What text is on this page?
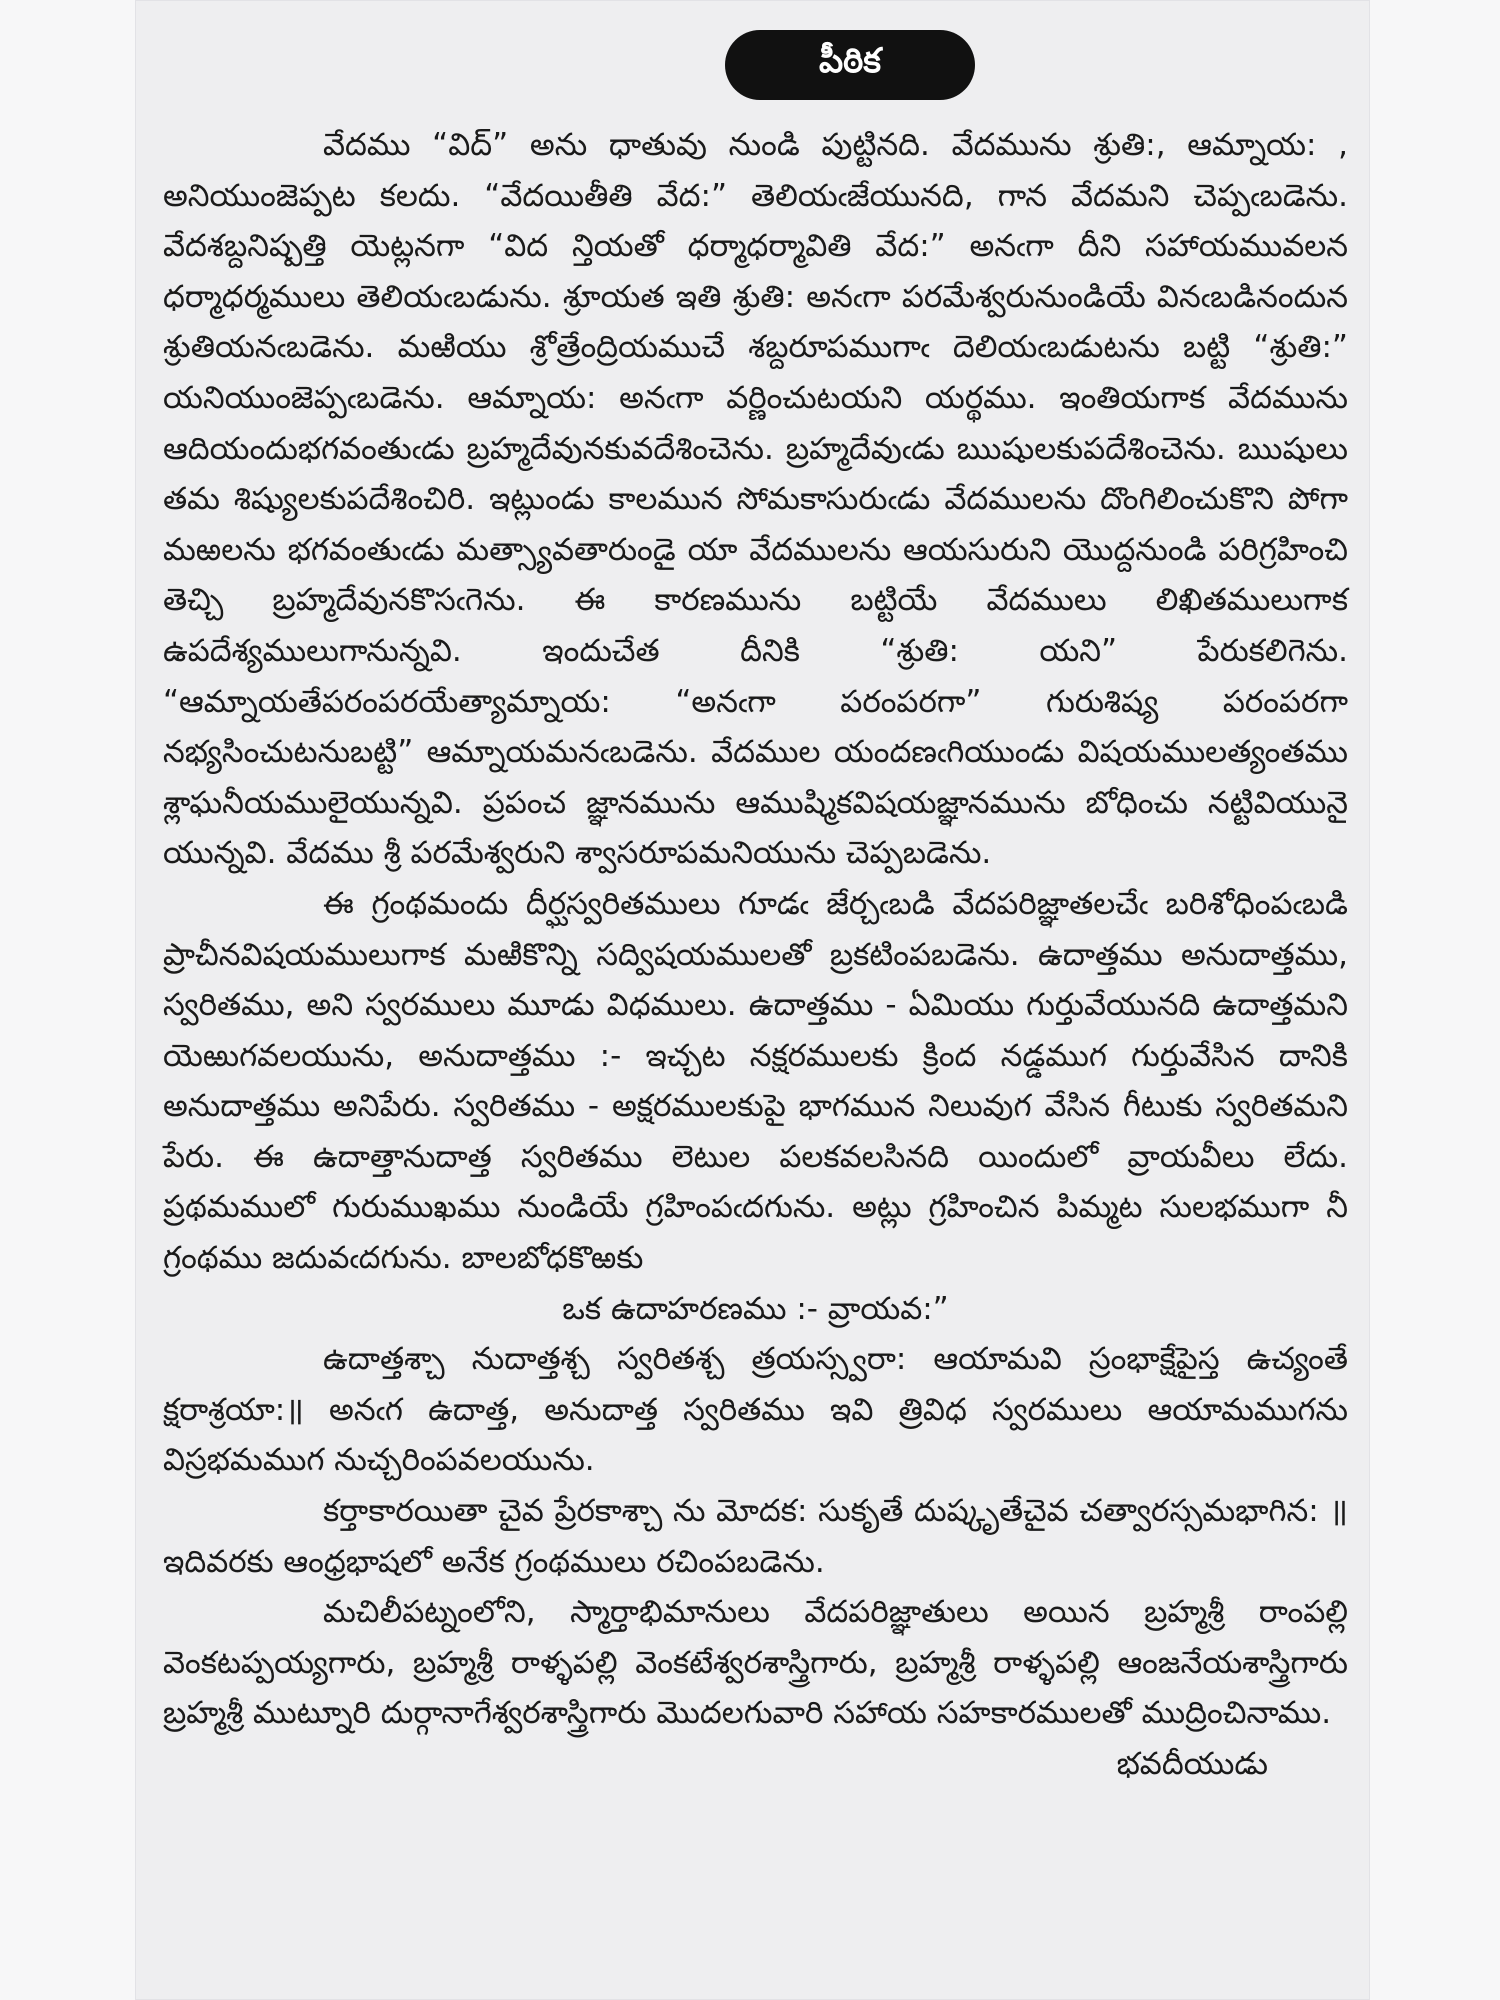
పీఠిక

వేదము “విద్” అను ధాతువు నుండి పుట్టినది. వేదమును శ్రుతి:, ఆమ్నాయ: , అనియుంజెప్పట కలదు. “వేదయితీతి వేద:” తెలియఁజేయునది, గాన వేదమని చెప్పఁబడెను. వేదశబ్దనిష్పత్తి యెట్లనగా “విద న్తియతో ధర్మాధర్మావితి వేద:” అనఁగా దీని సహాయమువలన ధర్మాధర్మములు తెలియఁబడును. శ్రూయత ఇతి శ్రుతి: అనఁగా పరమేశ్వరునుండియే వినఁబడినందున శ్రుతియనఁబడెను. మఱియు శ్రోత్రేంద్రియముచే శబ్దరూపముగాఁ దెలియఁబడుటను బట్టి “శ్రుతి:” యనియుంజెప్పఁబడెను. ఆమ్నాయ: అనఁగా వర్ణించుటయని యర్థము. ఇంతియగాక వేదమును ఆదియందుభగవంతుఁడు బ్రహ్మదేవునకువదేశించెను. బ్రహ్మదేవుఁడు ఋషులకుపదేశించెను. ఋషులు తమ శిష్యులకుపదేశించిరి. ఇట్లుండు కాలమున సోమకాసురుఁడు వేదములను దొంగిలించుకొని పోగా మఱలను భగవంతుఁడు మత్స్యావతారుండై యా వేదములను ఆయసురుని యొద్దనుండి పరిగ్రహించి తెచ్చి బ్రహ్మదేవునకొసఁగెను. ఈ కారణమును బట్టియే వేదములు లిఖితములుగాక ఉపదేశ్యములుగానున్నవి. ఇందుచేత దీనికి “శ్రుతి: యని” పేరుకలిగెను. “ఆమ్నాయతేపరంపరయేత్యామ్నాయ: “అనఁగా పరంపరగా” గురుశిష్య పరంపరగా నభ్యసించుటనుబట్టి” ఆమ్నాయమనఁబడెను. వేదముల యందణఁగియుండు విషయములత్యంతము శ్లాఘనీయములైయున్నవి. ప్రపంచ జ్ఞానమును ఆముష్మికవిషయజ్ఞానమును బోధించు నట్టివియునై యున్నవి. వేదము శ్రీ పరమేశ్వరుని శ్వాసరూపమనియును చెప్పబడెను.

ఈ గ్రంథమందు దీర్ఘస్వరితములు గూడఁ జేర్చఁబడి వేదపరిజ్ఞాతలచేఁ బరిశోధింపఁబడి ప్రాచీనవిషయములుగాక మఱికొన్ని సద్విషయములతో బ్రకటింపబడెను. ఉదాత్తము అనుదాత్తము, స్వరితము, అని స్వరములు మూడు విధములు. ఉదాత్తము - ఏమియు గుర్తువేయునది ఉదాత్తమని యెఱుగవలయును, అనుదాత్తము :- ఇచ్చట నక్షరములకు క్రింద నడ్డముగ గుర్తువేసిన దానికి అనుదాత్తము అనిపేరు. స్వరితము - అక్షరములకుపై భాగమున నిలువుగ వేసిన గీటుకు స్వరితమని పేరు. ఈ ఉదాత్తానుదాత్త స్వరితము లెటుల పలకవలసినది యిందులో వ్రాయవీలు లేదు. ప్రథమములో గురుముఖము నుండియే గ్రహింపఁదగును. అట్లు గ్రహించిన పిమ్మట సులభముగా నీ గ్రంథము జదువఁదగును. బాలబోధకొఱకు

ఒక ఉదాహరణము :- వ్రాయవ:”

ఉదాత్తశ్చా నుదాత్తశ్చ స్వరితశ్చ త్రయస్స్వరా: ఆయామవి స్రంభాక్షేపైస్త ఉచ్యంతే క్షరాశ్రయా:॥ అనఁగ ఉదాత్త, అనుదాత్త స్వరితము ఇవి త్రివిధ స్వరములు ఆయామముగను విస్రభమముగ నుచ్చరింపవలయును.

కర్తాకారయితా చైవ ప్రేరకాశ్చా ను మోదక: సుకృతే దుష్కృతేచైవ చత్వారస్సమభాగిన: ॥ ఇదివరకు ఆంధ్రభాషలో అనేక గ్రంథములు రచింపబడెను.

మచిలీపట్నంలోని, స్మార్తాభిమానులు వేదపరిజ్ఞాతులు అయిన బ్రహ్మశ్రీ రాంపల్లి వెంకటప్పయ్యగారు, బ్రహ్మశ్రీ రాళ్ళపల్లి వెంకటేశ్వరశాస్త్రిగారు, బ్రహ్మశ్రీ రాళ్ళపల్లి ఆంజనేయశాస్త్రిగారు బ్రహ్మశ్రీ ముట్నూరి దుర్గానాగేశ్వరశాస్త్రిగారు మొదలగువారి సహాయ సహకారములతో ముద్రించినాము.

భవదీయుడు
